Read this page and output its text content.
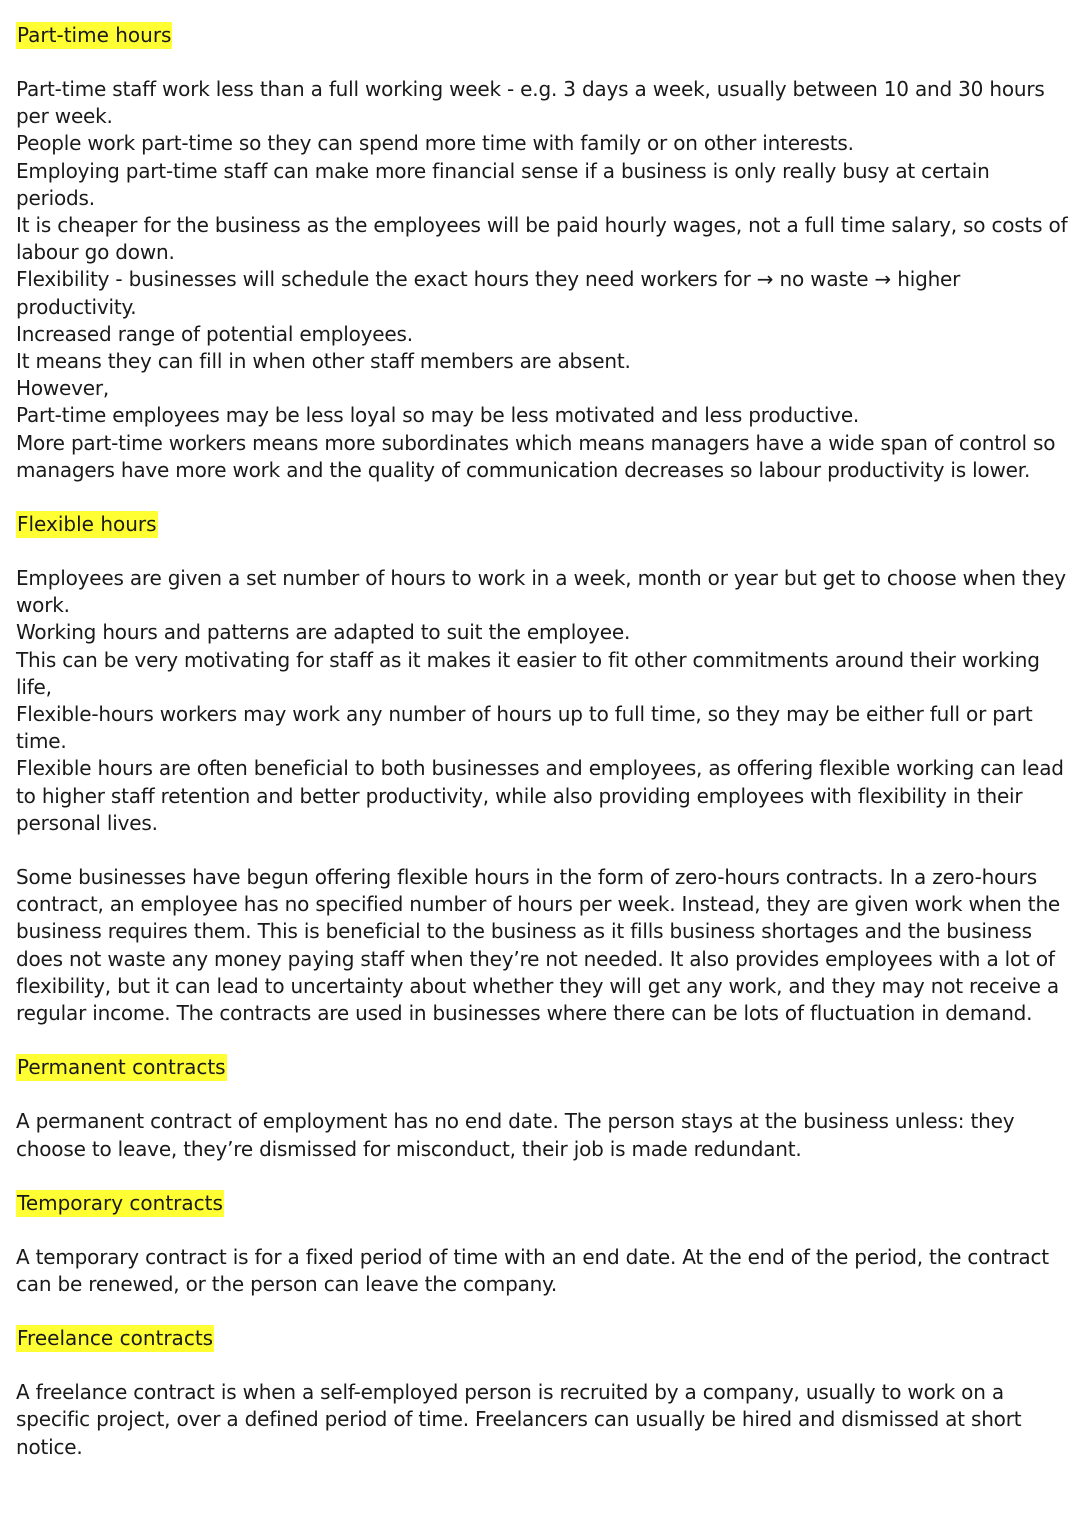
Part-time hours

Part-time staff work less than a full working week - e.g. 3 days a week, usually between 10 and 30 hours per week.

People work part-time so they can spend more time with family or on other interests.

Employing part-time staff can make more financial sense if a business is only really busy at certain periods.

It is cheaper for the business as the employees will be paid hourly wages, not a full time salary, so costs of labour go down.

Flexibility - businesses will schedule the exact hours they need workers for → no waste → higher productivity.

Increased range of potential employees.

It means they can fill in when other staff members are absent.

However,

Part-time employees may be less loyal so may be less motivated and less productive.

More part-time workers means more subordinates which means managers have a wide span of control so managers have more work and the quality of communication decreases so labour productivity is lower.

Flexible hours

Employees are given a set number of hours to work in a week, month or year but get to choose when they work.

Working hours and patterns are adapted to suit the employee.

This can be very motivating for staff as it makes it easier to fit other commitments around their working life,

Flexible-hours workers may work any number of hours up to full time, so they may be either full or part time.

Flexible hours are often beneficial to both businesses and employees, as offering flexible working can lead to higher staff retention and better productivity, while also providing employees with flexibility in their personal lives.

Some businesses have begun offering flexible hours in the form of zero-hours contracts. In a zero-hours contract, an employee has no specified number of hours per week. Instead, they are given work when the business requires them. This is beneficial to the business as it fills business shortages and the business does not waste any money paying staff when they’re not needed. It also provides employees with a lot of flexibility, but it can lead to uncertainty about whether they will get any work, and they may not receive a regular income. The contracts are used in businesses where there can be lots of fluctuation in demand.

Permanent contracts

A permanent contract of employment has no end date. The person stays at the business unless: they choose to leave, they’re dismissed for misconduct, their job is made redundant.

Temporary contracts

A temporary contract is for a fixed period of time with an end date. At the end of the period, the contract can be renewed, or the person can leave the company.

Freelance contracts

A freelance contract is when a self-employed person is recruited by a company, usually to work on a specific project, over a defined period of time. Freelancers can usually be hired and dismissed at short notice.
